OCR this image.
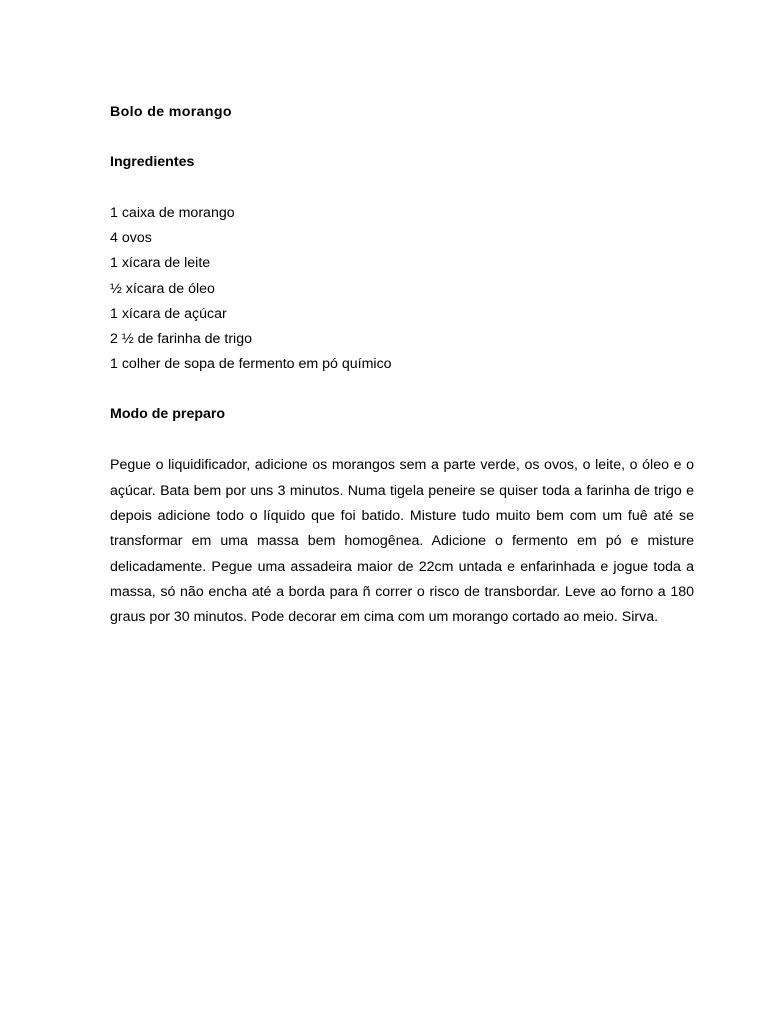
Bolo de morango
Ingredientes
1 caixa de morango
4 ovos
1 xícara de leite
½ xícara de óleo
1 xícara de açúcar
2 ½ de farinha de trigo
1 colher de sopa de fermento em pó químico
Modo de preparo

Pegue o liquidificador, adicione os morangos sem a parte verde, os ovos, o leite, o óleo e o açúcar. Bata bem por uns 3 minutos. Numa tigela peneire se quiser toda a farinha de trigo e depois adicione todo o líquido que foi batido. Misture tudo muito bem com um fuê até se transformar em uma massa bem homogênea. Adicione o fermento em pó e misture delicadamente. Pegue uma assadeira maior de 22cm untada e enfarinhada e jogue toda a massa, só não encha até a borda para ñ correr o risco de transbordar. Leve ao forno a 180 graus por 30 minutos. Pode decorar em cima com um morango cortado ao meio. Sirva.
